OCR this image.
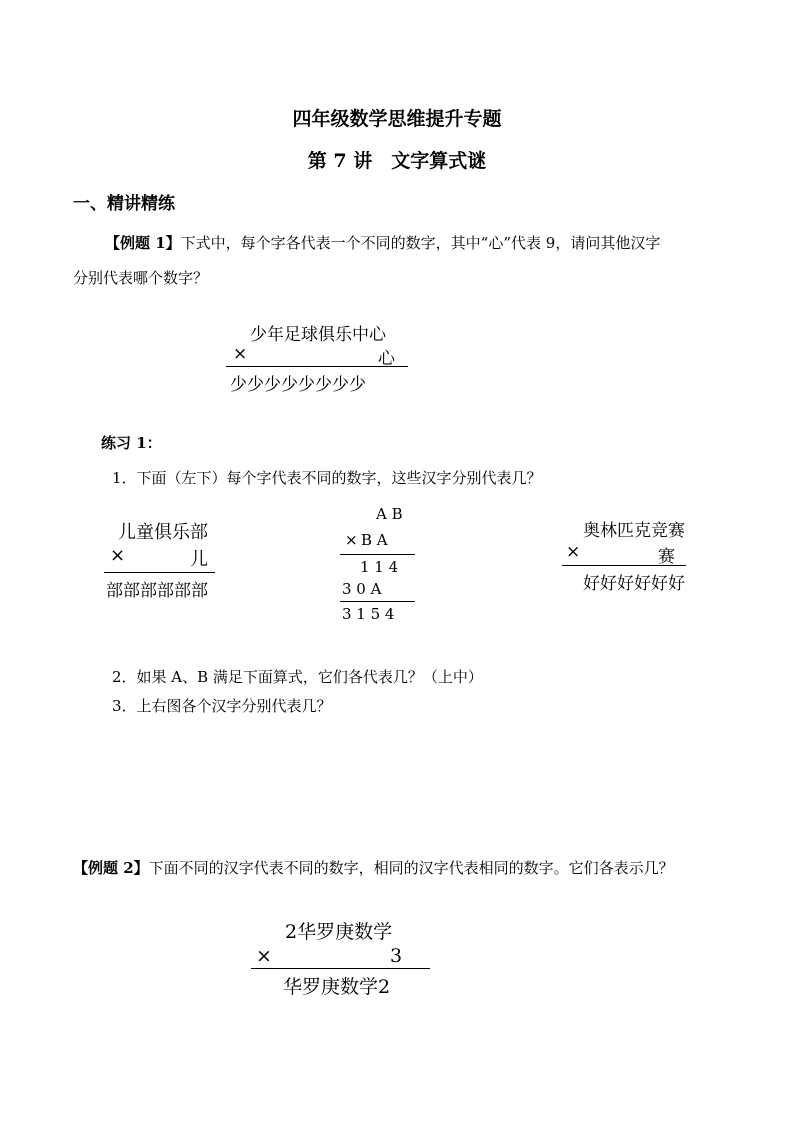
四年级数学思维提升专题
第 7 讲　文字算式谜
一、精讲精练
【例题 1】下式中，每个字各代表一个不同的数字，其中“心”代表 9，请问其他汉字
分别代表哪个数字？
少年足球俱乐中心
×	心
少少少少少少少少
练习 1：
1．下面（左下）每个字代表不同的数字，这些汉字分别代表几？
儿童俱乐部
×	儿
部部部部部部
A B
× B A
1 1 4
3 0 A
3 1 5 4
奥林匹克竞赛
×	赛
好好好好好好
2．如果 A、B 满足下面算式，它们各代表几？（上中）
3．上右图各个汉字分别代表几？
【例题 2】下面不同的汉字代表不同的数字，相同的汉字代表相同的数字。它们各表示几？
2华罗庚数学
×	3
华罗庚数学2
